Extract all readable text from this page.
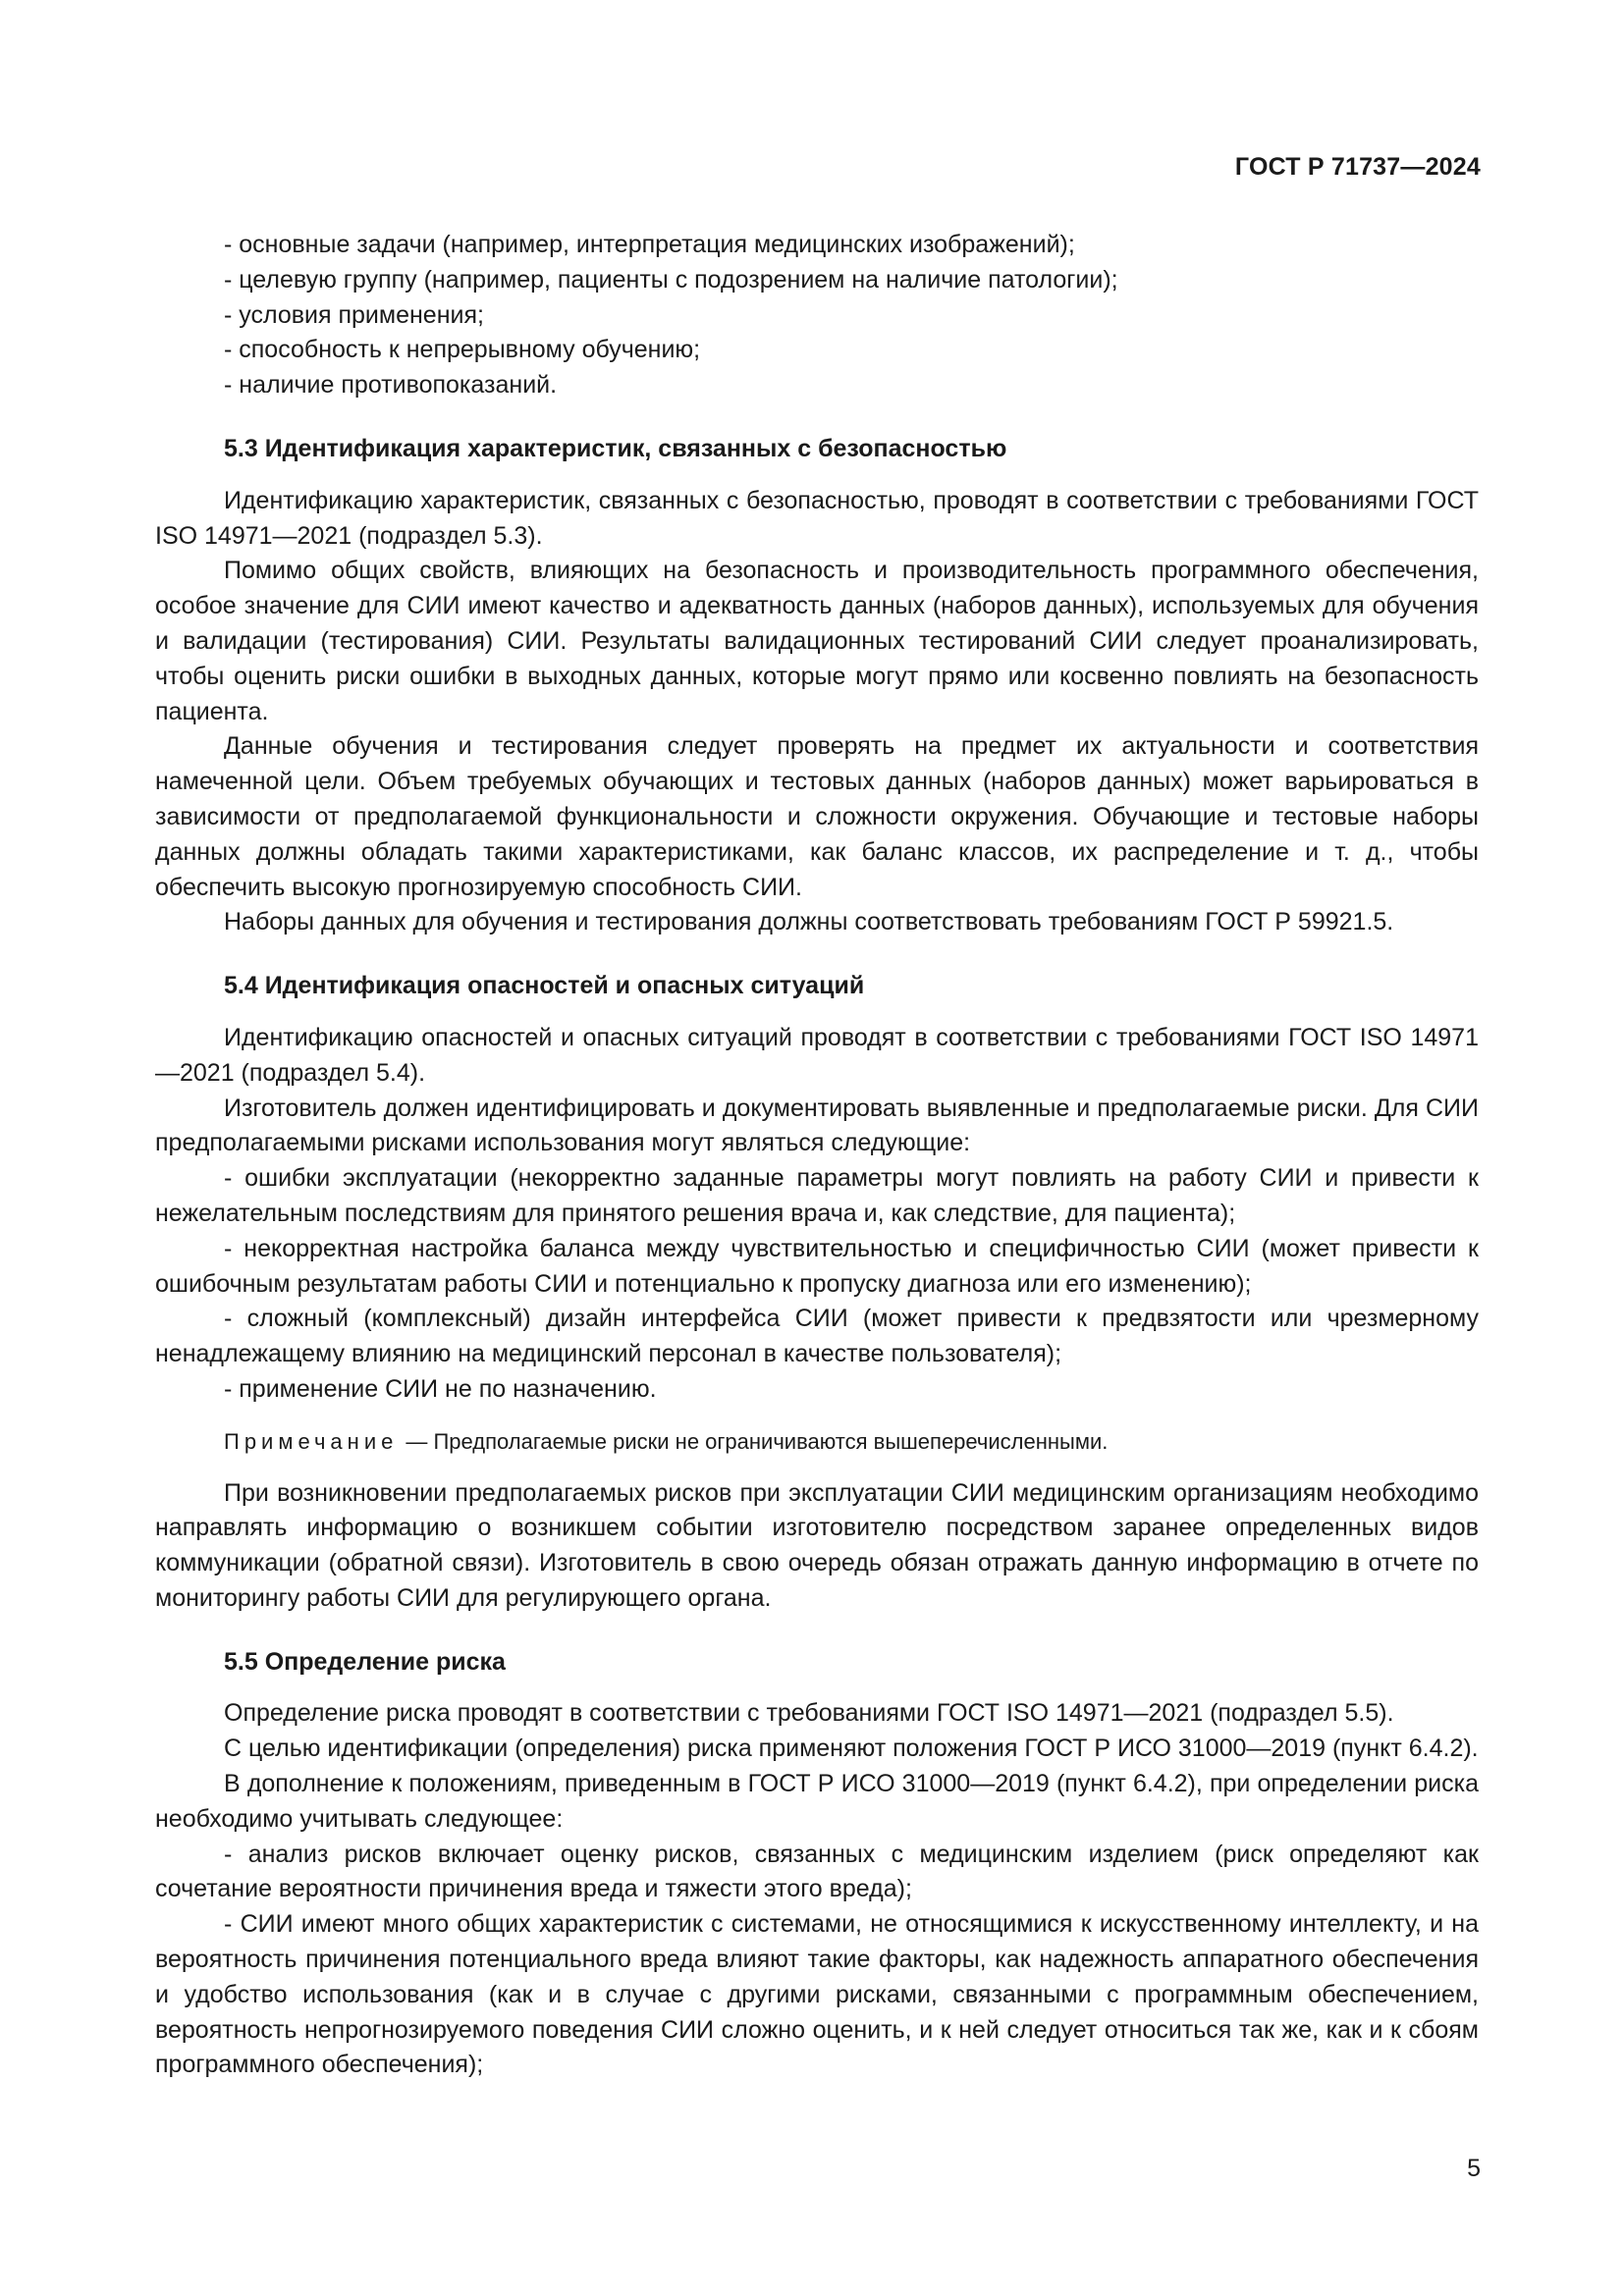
ГОСТ Р 71737—2024

- основные задачи (например, интерпретация медицинских изображений);

- целевую группу (например, пациенты с подозрением на наличие патологии);

- условия применения;

- способность к непрерывному обучению;

- наличие противопоказаний.

5.3 Идентификация характеристик, связанных с безопасностью

Идентификацию характеристик, связанных с безопасностью, проводят в соответствии с требованиями ГОСТ ISO 14971—2021 (подраздел 5.3).

Помимо общих свойств, влияющих на безопасность и производительность программного обеспечения, особое значение для СИИ имеют качество и адекватность данных (наборов данных), используемых для обучения и валидации (тестирования) СИИ. Результаты валидационных тестирований СИИ следует проанализировать, чтобы оценить риски ошибки в выходных данных, которые могут прямо или косвенно повлиять на безопасность пациента.

Данные обучения и тестирования следует проверять на предмет их актуальности и соответствия намеченной цели. Объем требуемых обучающих и тестовых данных (наборов данных) может варьироваться в зависимости от предполагаемой функциональности и сложности окружения. Обучающие и тестовые наборы данных должны обладать такими характеристиками, как баланс классов, их распределение и т. д., чтобы обеспечить высокую прогнозируемую способность СИИ.

Наборы данных для обучения и тестирования должны соответствовать требованиям ГОСТ Р 59921.5.

5.4 Идентификация опасностей и опасных ситуаций

Идентификацию опасностей и опасных ситуаций проводят в соответствии с требованиями ГОСТ ISO 14971—2021 (подраздел 5.4).

Изготовитель должен идентифицировать и документировать выявленные и предполагаемые риски. Для СИИ предполагаемыми рисками использования могут являться следующие:

- ошибки эксплуатации (некорректно заданные параметры могут повлиять на работу СИИ и привести к нежелательным последствиям для принятого решения врача и, как следствие, для пациента);

- некорректная настройка баланса между чувствительностью и специфичностью СИИ (может привести к ошибочным результатам работы СИИ и потенциально к пропуску диагноза или его изменению);

- сложный (комплексный) дизайн интерфейса СИИ (может привести к предвзятости или чрезмерному ненадлежащему влиянию на медицинский персонал в качестве пользователя);

- применение СИИ не по назначению.

Примечание — Предполагаемые риски не ограничиваются вышеперечисленными.

При возникновении предполагаемых рисков при эксплуатации СИИ медицинским организациям необходимо направлять информацию о возникшем событии изготовителю посредством заранее определенных видов коммуникации (обратной связи). Изготовитель в свою очередь обязан отражать данную информацию в отчете по мониторингу работы СИИ для регулирующего органа.

5.5 Определение риска

Определение риска проводят в соответствии с требованиями ГОСТ ISO 14971—2021 (подраздел 5.5).

С целью идентификации (определения) риска применяют положения ГОСТ Р ИСО 31000—2019 (пункт 6.4.2).

В дополнение к положениям, приведенным в ГОСТ Р ИСО 31000—2019 (пункт 6.4.2), при определении риска необходимо учитывать следующее:

- анализ рисков включает оценку рисков, связанных с медицинским изделием (риск определяют как сочетание вероятности причинения вреда и тяжести этого вреда);

- СИИ имеют много общих характеристик с системами, не относящимися к искусственному интеллекту, и на вероятность причинения потенциального вреда влияют такие факторы, как надежность аппаратного обеспечения и удобство использования (как и в случае с другими рисками, связанными с программным обеспечением, вероятность непрогнозируемого поведения СИИ сложно оценить, и к ней следует относиться так же, как и к сбоям программного обеспечения);

5
